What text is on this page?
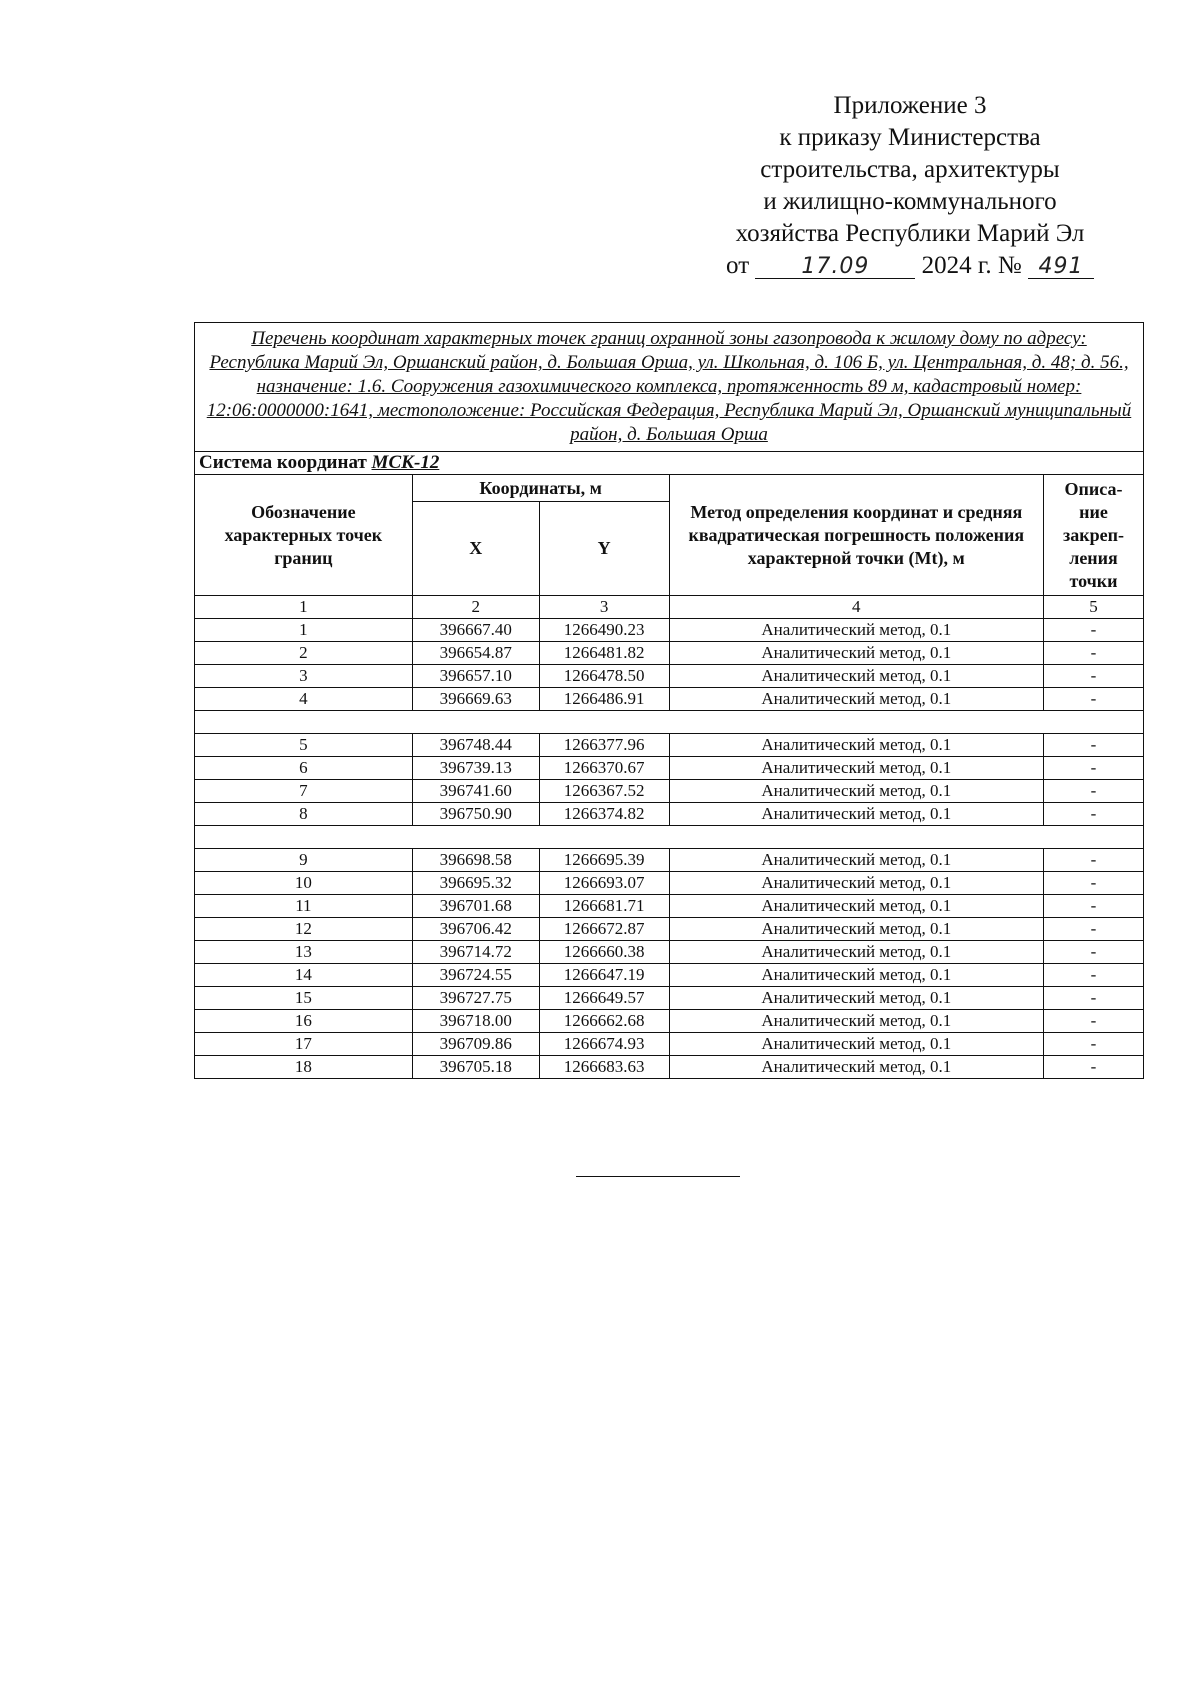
Приложение 3
к приказу Министерства
строительства, архитектуры
и жилищно-коммунального
хозяйства Республики Марий Эл
от 17.09 2024 г. № 491
Перечень координат характерных точек границ охранной зоны газопровода к жилому дому по адресу: Республика Марий Эл, Оршанский район, д. Большая Орша, ул. Школьная, д. 106 Б, ул. Центральная, д. 48; д. 56., назначение: 1.6. Сооружения газохимического комплекса, протяженность 89 м, кадастровый номер: 12:06:0000000:1641, местоположение: Российская Федерация, Республика Марий Эл, Оршанский муниципальный район, д. Большая Орша				
Система координат МСК-12				
Обозначение характерных точек границ	Координаты, м		Метод определения координат и средняя квадратическая погрешность положения характерной точки (Mt), м	Описа- ние закреп- ления точки
	X	Y		
1	2	3	4	5
1	396667.40	1266490.23	Аналитический метод, 0.1	-
2	396654.87	1266481.82	Аналитический метод, 0.1	-
3	396657.10	1266478.50	Аналитический метод, 0.1	-
4	396669.63	1266486.91	Аналитический метод, 0.1	-

5	396748.44	1266377.96	Аналитический метод, 0.1	-
6	396739.13	1266370.67	Аналитический метод, 0.1	-
7	396741.60	1266367.52	Аналитический метод, 0.1	-
8	396750.90	1266374.82	Аналитический метод, 0.1	-

9	396698.58	1266695.39	Аналитический метод, 0.1	-
10	396695.32	1266693.07	Аналитический метод, 0.1	-
11	396701.68	1266681.71	Аналитический метод, 0.1	-
12	396706.42	1266672.87	Аналитический метод, 0.1	-
13	396714.72	1266660.38	Аналитический метод, 0.1	-
14	396724.55	1266647.19	Аналитический метод, 0.1	-
15	396727.75	1266649.57	Аналитический метод, 0.1	-
16	396718.00	1266662.68	Аналитический метод, 0.1	-
17	396709.86	1266674.93	Аналитический метод, 0.1	-
18	396705.18	1266683.63	Аналитический метод, 0.1	-
